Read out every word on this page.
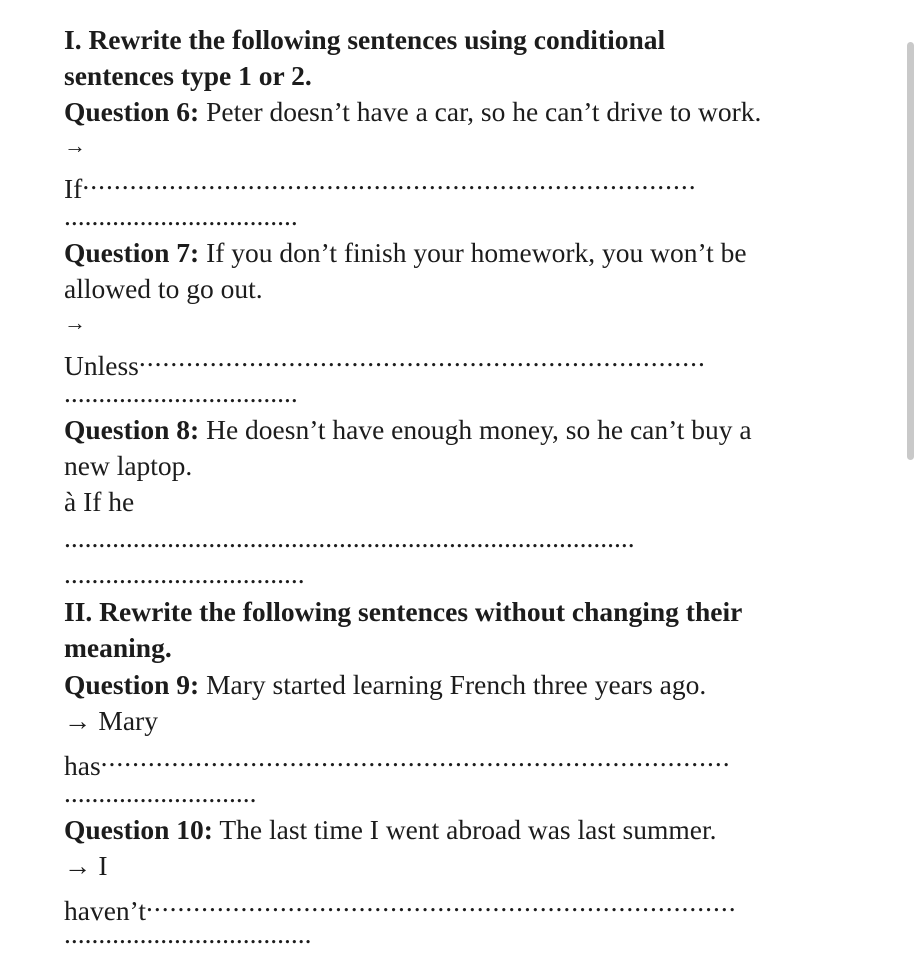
I. Rewrite the following sentences using conditional
sentences type 1 or 2.
Question 6: Peter doesn’t have a car, so he can’t drive to work.
→
If..............................................................................
..................................
Question 7: If you don’t finish your homework, you won’t be
allowed to go out.
→
Unless........................................................................
..................................
Question 8: He doesn’t have enough money, so he can’t buy a
new laptop.
à If he
...................................................................................
...................................
II. Rewrite the following sentences without changing their
meaning.
Question 9: Mary started learning French three years ago.
→ Mary
has................................................................................
............................
Question 10: The last time I went abroad was last summer.
→ I
haven’t...........................................................................
....................................
